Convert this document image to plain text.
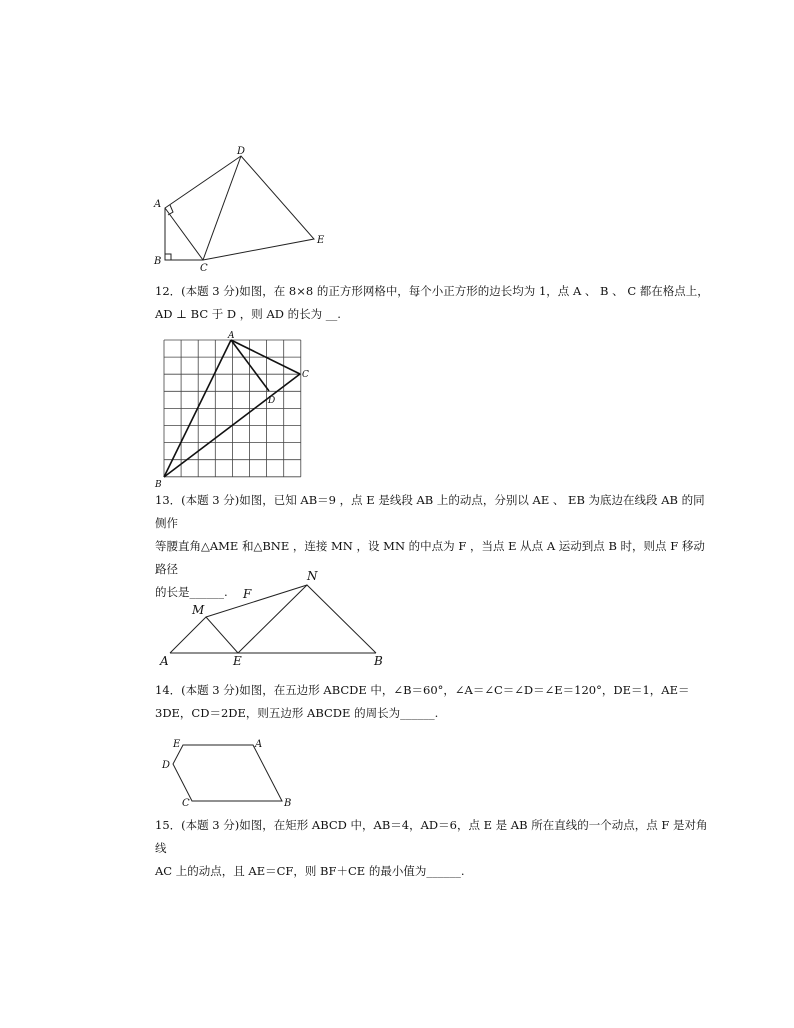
D
A
E
B
C
12．(本题 3 分)如图，在 8×8 的正方形网格中，每个小正方形的边长均为 1，点 A 、 B 、 C 都在格点上，
AD ⊥ BC 于 D ，则 AD 的长为 __.
A
C
D
B
13．(本题 3 分)如图，已知 AB＝9 ，点 E 是线段 AB 上的动点，分别以 AE 、 EB 为底边在线段 AB 的同侧作
等腰直角△AME 和△BNE ，连接 MN ，设 MN 的中点为 F ，当点 E 从点 A 运动到点 B 时，则点 F 移动路径
的长是______.
N
F
M
A	E	B
14．(本题 3 分)如图，在五边形 ABCDE 中，∠B＝60°，∠A＝∠C＝∠D＝∠E＝120°，DE＝1，AE＝
3DE，CD＝2DE，则五边形 ABCDE 的周长为______.
E	A
D
C	B
15．(本题 3 分)如图，在矩形 ABCD 中，AB＝4，AD＝6，点 E 是 AB 所在直线的一个动点，点 F 是对角线
AC 上的动点，且 AE＝CF，则 BF＋CE 的最小值为______.
